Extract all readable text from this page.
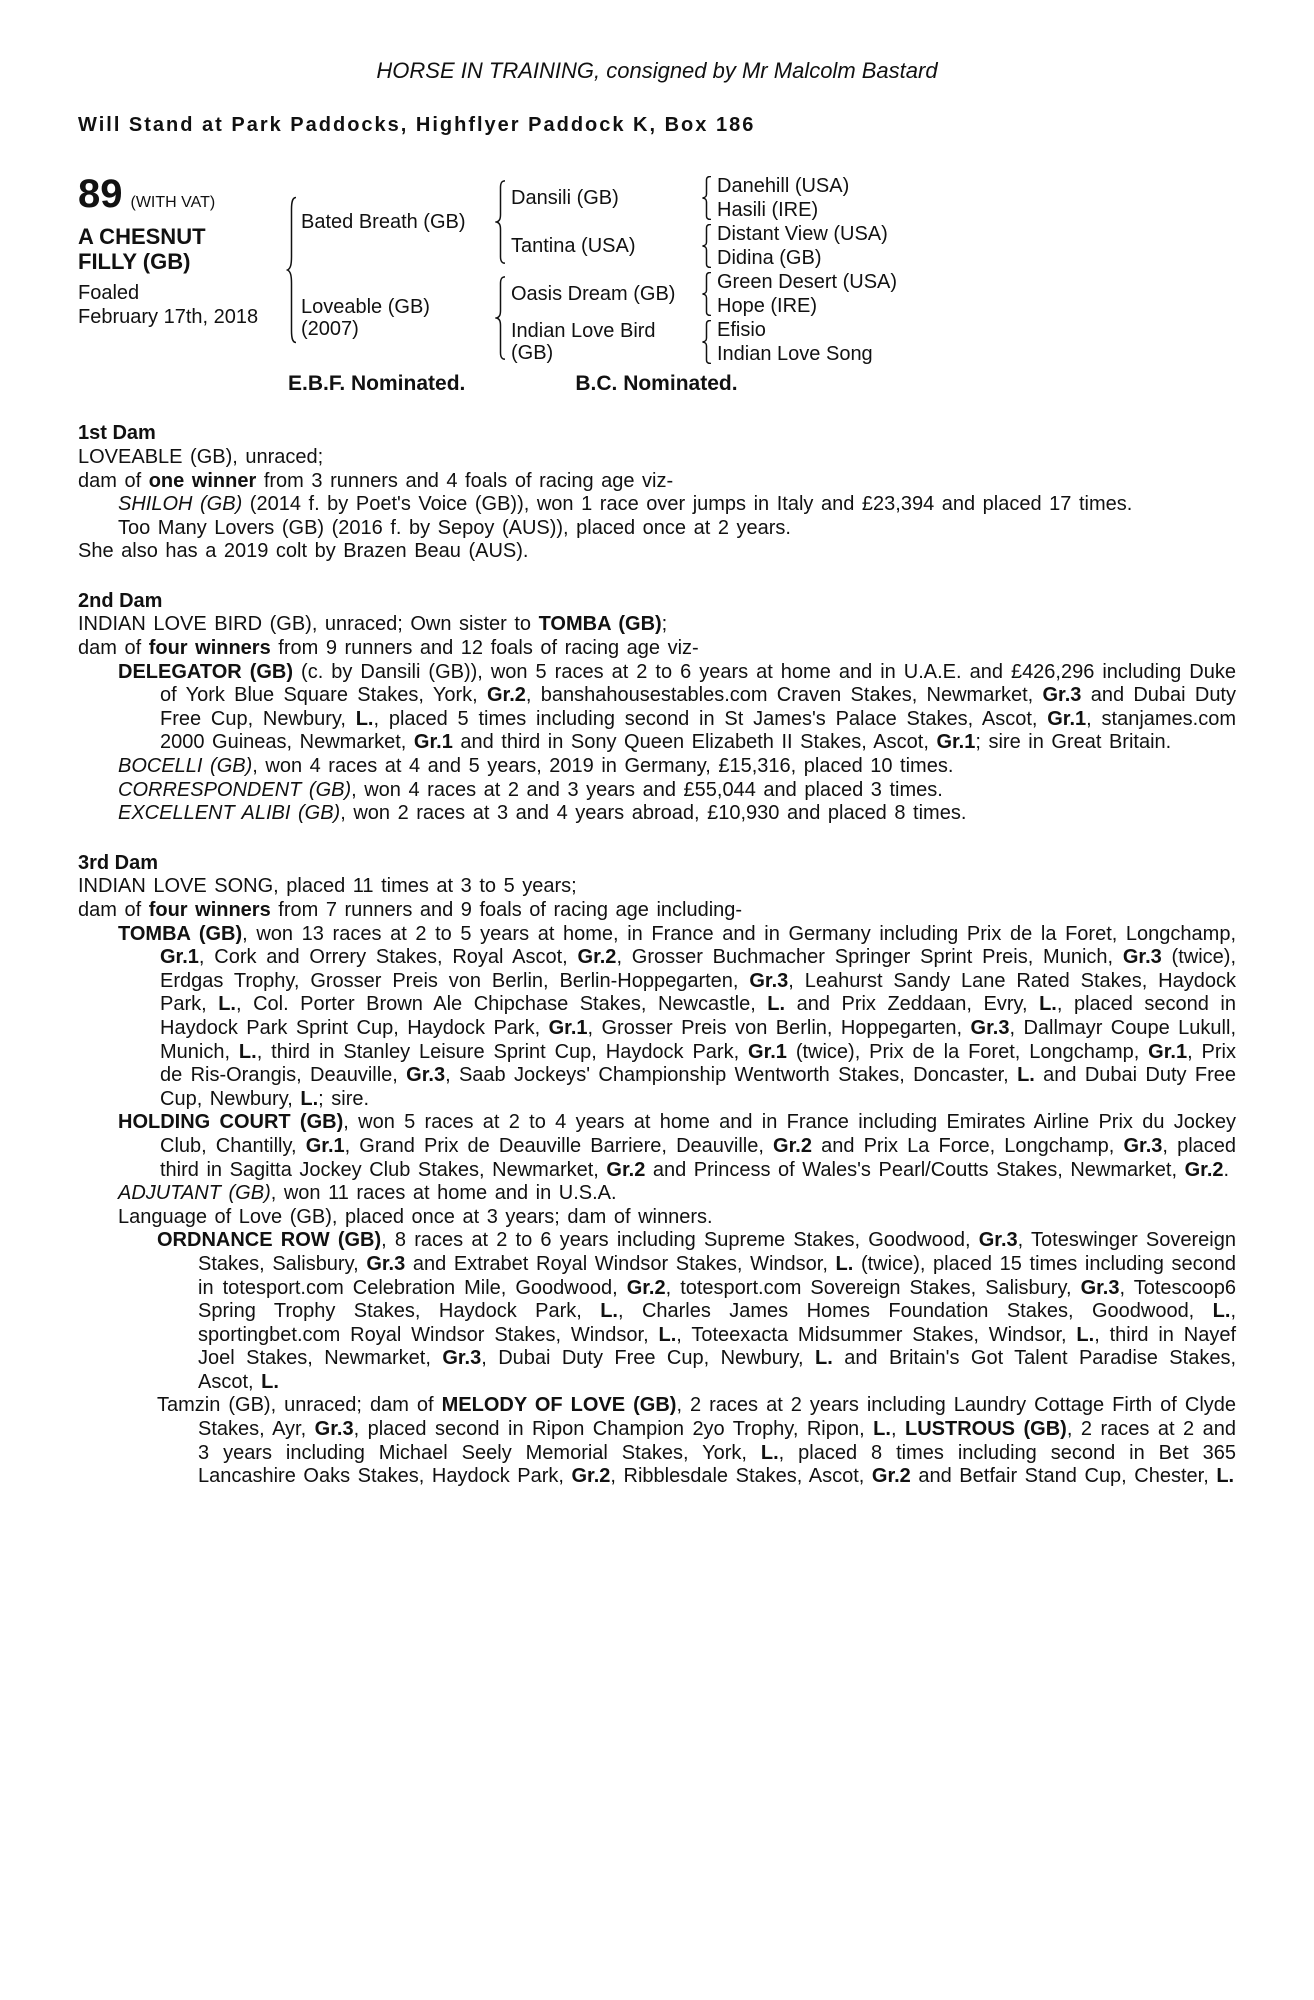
HORSE IN TRAINING, consigned by Mr Malcolm Bastard
Will Stand at Park Paddocks, Highflyer Paddock K, Box 186
89 (WITH VAT)
A CHESNUT FILLY (GB)
Foaled
February 17th, 2018
Bated Breath (GB)
Loveable (GB)
(2007)
Dansili (GB)
Tantina (USA)
Oasis Dream (GB)
Indian Love Bird (GB)
Danehill (USA)
Hasili (IRE)
Distant View (USA)
Didina (GB)
Green Desert (USA)
Hope (IRE)
Efisio
Indian Love Song
E.B.F. Nominated.	B.C. Nominated.
1st Dam

LOVEABLE (GB), unraced;

dam of one winner from 3 runners and 4 foals of racing age viz-

SHILOH (GB) (2014 f. by Poet's Voice (GB)), won 1 race over jumps in Italy and £23,394 and placed 17 times.

Too Many Lovers (GB) (2016 f. by Sepoy (AUS)), placed once at 2 years.

She also has a 2019 colt by Brazen Beau (AUS).

2nd Dam

INDIAN LOVE BIRD (GB), unraced; Own sister to TOMBA (GB);

dam of four winners from 9 runners and 12 foals of racing age viz-

DELEGATOR (GB) (c. by Dansili (GB)), won 5 races at 2 to 6 years at home and in U.A.E. and £426,296 including Duke of York Blue Square Stakes, York, Gr.2, banshahousestables.com Craven Stakes, Newmarket, Gr.3 and Dubai Duty Free Cup, Newbury, L., placed 5 times including second in St James's Palace Stakes, Ascot, Gr.1, stanjames.com 2000 Guineas, Newmarket, Gr.1 and third in Sony Queen Elizabeth II Stakes, Ascot, Gr.1; sire in Great Britain.

BOCELLI (GB), won 4 races at 4 and 5 years, 2019 in Germany, £15,316, placed 10 times.

CORRESPONDENT (GB), won 4 races at 2 and 3 years and £55,044 and placed 3 times.

EXCELLENT ALIBI (GB), won 2 races at 3 and 4 years abroad, £10,930 and placed 8 times.

3rd Dam

INDIAN LOVE SONG, placed 11 times at 3 to 5 years;

dam of four winners from 7 runners and 9 foals of racing age including-

TOMBA (GB), won 13 races at 2 to 5 years at home, in France and in Germany including Prix de la Foret, Longchamp, Gr.1, Cork and Orrery Stakes, Royal Ascot, Gr.2, Grosser Buchmacher Springer Sprint Preis, Munich, Gr.3 (twice), Erdgas Trophy, Grosser Preis von Berlin, Berlin-Hoppegarten, Gr.3, Leahurst Sandy Lane Rated Stakes, Haydock Park, L., Col. Porter Brown Ale Chipchase Stakes, Newcastle, L. and Prix Zeddaan, Evry, L., placed second in Haydock Park Sprint Cup, Haydock Park, Gr.1, Grosser Preis von Berlin, Hoppegarten, Gr.3, Dallmayr Coupe Lukull, Munich, L., third in Stanley Leisure Sprint Cup, Haydock Park, Gr.1 (twice), Prix de la Foret, Longchamp, Gr.1, Prix de Ris-Orangis, Deauville, Gr.3, Saab Jockeys' Championship Wentworth Stakes, Doncaster, L. and Dubai Duty Free Cup, Newbury, L.; sire.

HOLDING COURT (GB), won 5 races at 2 to 4 years at home and in France including Emirates Airline Prix du Jockey Club, Chantilly, Gr.1, Grand Prix de Deauville Barriere, Deauville, Gr.2 and Prix La Force, Longchamp, Gr.3, placed third in Sagitta Jockey Club Stakes, Newmarket, Gr.2 and Princess of Wales's Pearl/Coutts Stakes, Newmarket, Gr.2.

ADJUTANT (GB), won 11 races at home and in U.S.A.

Language of Love (GB), placed once at 3 years; dam of winners.

ORDNANCE ROW (GB), 8 races at 2 to 6 years including Supreme Stakes, Goodwood, Gr.3, Toteswinger Sovereign Stakes, Salisbury, Gr.3 and Extrabet Royal Windsor Stakes, Windsor, L. (twice), placed 15 times including second in totesport.com Celebration Mile, Goodwood, Gr.2, totesport.com Sovereign Stakes, Salisbury, Gr.3, Totescoop6 Spring Trophy Stakes, Haydock Park, L., Charles James Homes Foundation Stakes, Goodwood, L., sportingbet.com Royal Windsor Stakes, Windsor, L., Toteexacta Midsummer Stakes, Windsor, L., third in Nayef Joel Stakes, Newmarket, Gr.3, Dubai Duty Free Cup, Newbury, L. and Britain's Got Talent Paradise Stakes, Ascot, L.

Tamzin (GB), unraced; dam of MELODY OF LOVE (GB), 2 races at 2 years including Laundry Cottage Firth of Clyde Stakes, Ayr, Gr.3, placed second in Ripon Champion 2yo Trophy, Ripon, L., LUSTROUS (GB), 2 races at 2 and 3 years including Michael Seely Memorial Stakes, York, L., placed 8 times including second in Bet 365 Lancashire Oaks Stakes, Haydock Park, Gr.2, Ribblesdale Stakes, Ascot, Gr.2 and Betfair Stand Cup, Chester, L.
